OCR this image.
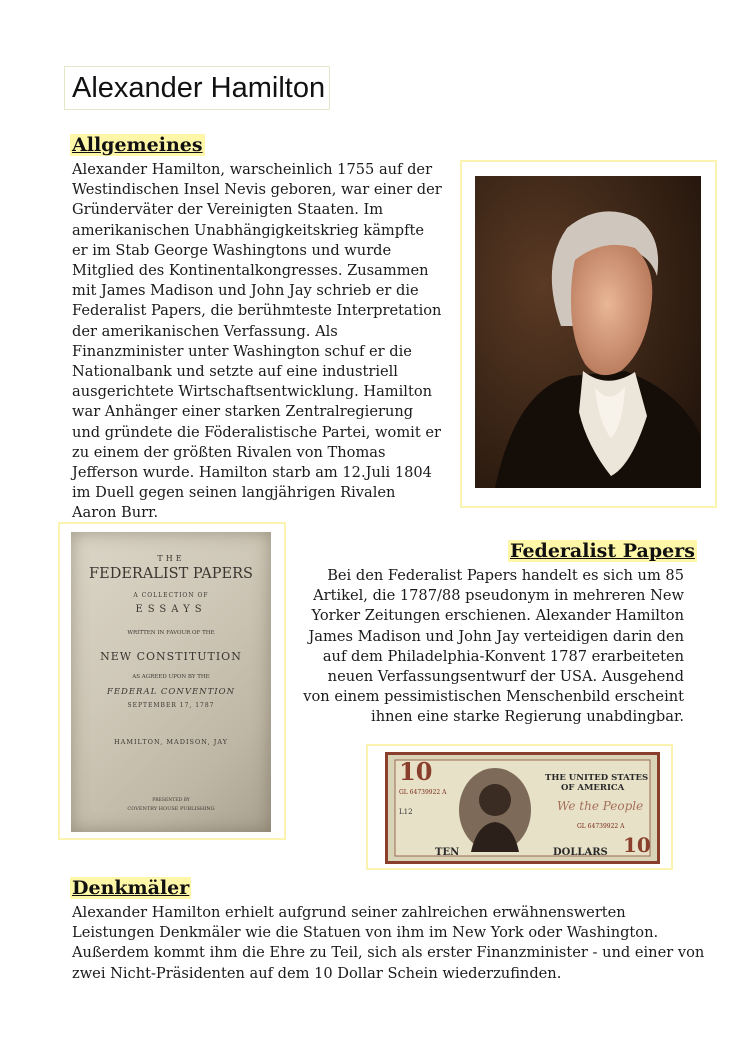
Alexander Hamilton
Allgemeines
Alexander Hamilton, warscheinlich 1755 auf der Westindischen Insel Nevis geboren, war einer der Gründerväter der Vereinigten Staaten. Im amerikanischen Unabhängigkeitskrieg kämpfte er im Stab George Washingtons und wurde Mitglied des Kontinentalkongresses. Zusammen mit James Madison und John Jay schrieb er die Federalist Papers, die berühmteste Interpretation der amerikanischen Verfassung. Als Finanzminister unter Washington schuf er die Nationalbank und setzte auf eine industriell ausgerichtete Wirtschaftsentwicklung. Hamilton war Anhänger einer starken Zentralregierung und gründete die Föderalistische Partei, womit er zu einem der größten Rivalen von Thomas Jefferson wurde. Hamilton starb am 12.Juli 1804 im Duell gegen seinen langjährigen Rivalen Aaron Burr.
THE
FEDERALIST PAPERS
A COLLECTION OF
ESSAYS
WRITTEN IN FAVOUR OF THE
NEW CONSTITUTION
AS AGREED UPON BY THE
FEDERAL CONVENTION
SEPTEMBER 17, 1787
HAMILTON, MADISON, JAY
PRESENTED BY
COVENTRY HOUSE PUBLISHING
Federalist Papers
Bei den Federalist Papers handelt es sich um 85 Artikel, die 1787/88 pseudonym in mehreren New Yorker Zeitungen erschienen. Alexander Hamilton James Madison und John Jay verteidigen darin den auf dem Philadelphia-Konvent 1787 erarbeiteten neuen Verfassungsentwurf der USA. Ausgehend von einem pessimistischen Menschenbild erscheint ihnen eine starke Regierung unabdingbar.
10
GL 64739922 A
L12
THE UNITED STATES
OF AMERICA
We the People
GL 64739922 A
TEN	DOLLARS 10
Denkmäler
Alexander Hamilton erhielt aufgrund seiner zahlreichen erwähnenswerten Leistungen Denkmäler wie die Statuen von ihm im New York oder Washington. Außerdem kommt ihm die Ehre zu Teil, sich als erster Finanzminister - und einer von zwei Nicht-Präsidenten auf dem 10 Dollar Schein wiederzufinden.
